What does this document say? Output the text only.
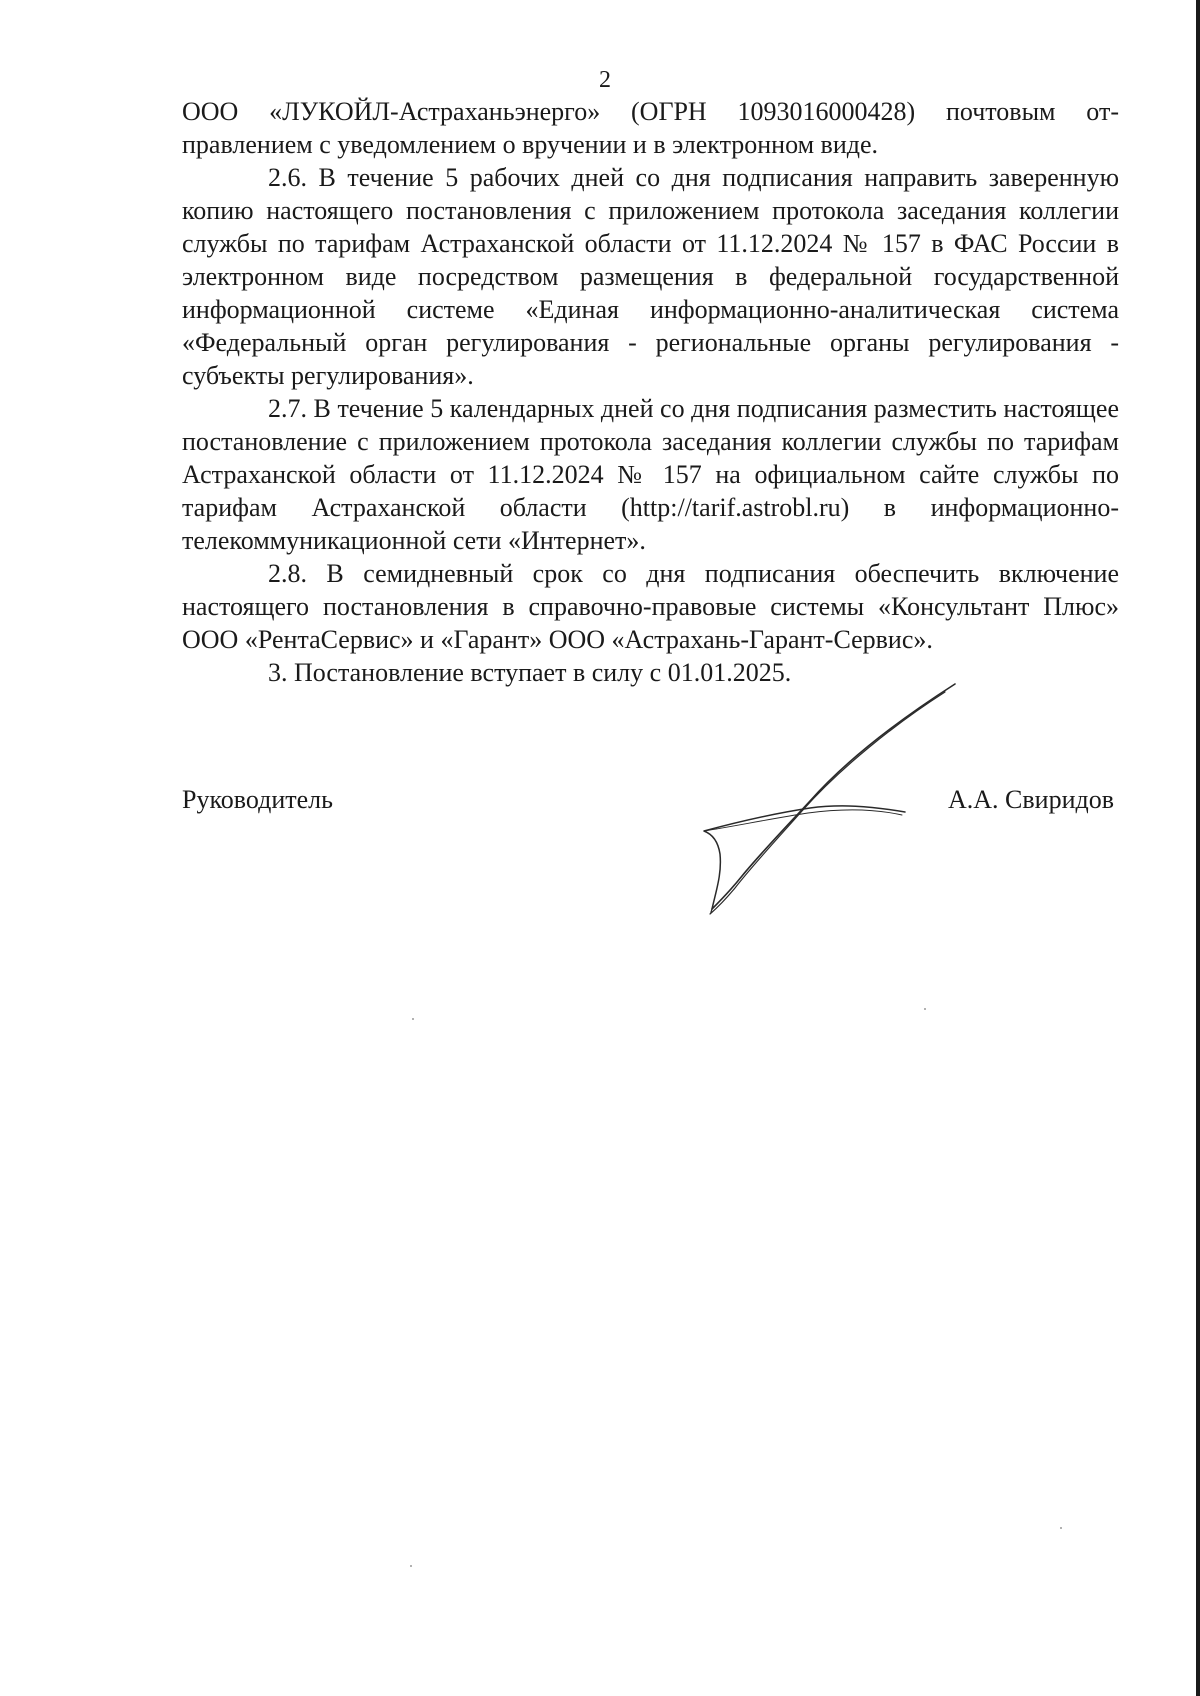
2

ООО «ЛУКОЙЛ-Астраханьэнерго» (ОГРН 1093016000428) почтовым отправлением с уведомлением о вручении и в электронном виде.

2.6. В течение 5 рабочих дней со дня подписания направить заверенную копию настоящего постановления с приложением протокола заседания коллегии службы по тарифам Астраханской области от 11.12.2024 № 157 в ФАС России в электронном виде посредством размещения в федеральной государственной информационной системе «Единая информационно-аналитическая система «Федеральный орган регулирования - региональные органы регулирования - субъекты регулирования».

2.7. В течение 5 календарных дней со дня подписания разместить настоящее постановление с приложением протокола заседания коллегии службы по тарифам Астраханской области от 11.12.2024 № 157 на официальном сайте службы по тарифам Астраханской области (http://tarif.astrobl.ru) в информационно-телекоммуникационной сети «Интернет».

2.8. В семидневный срок со дня подписания обеспечить включение настоящего постановления в справочно-правовые системы «Консультант Плюс» ООО «РентаСервис» и «Гарант» ООО «Астрахань-Гарант-Сервис».

3. Постановление вступает в силу с 01.01.2025.

Руководитель	А.А. Свиридов
